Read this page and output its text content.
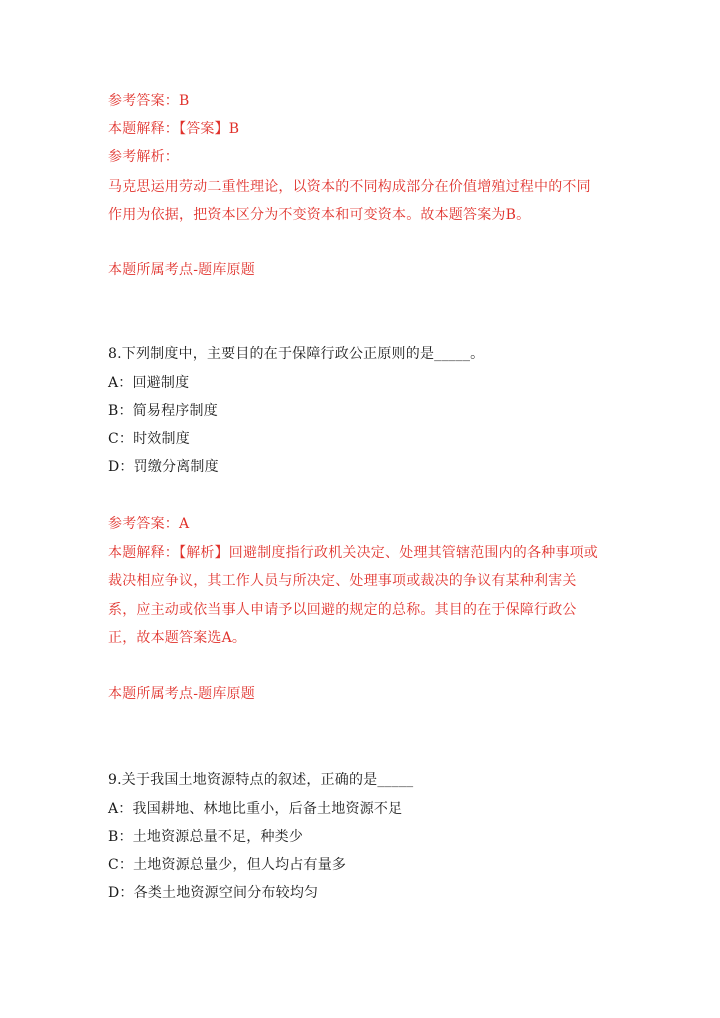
参考答案：B
本题解释：【答案】B
参考解析：
马克思运用劳动二重性理论，以资本的不同构成部分在价值增殖过程中的不同
作用为依据，把资本区分为不变资本和可变资本。故本题答案为B。
本题所属考点-题库原题
8.下列制度中，主要目的在于保障行政公正原则的是_____。
A：回避制度
B：简易程序制度
C：时效制度
D：罚缴分离制度
参考答案：A
本题解释：【解析】回避制度指行政机关决定、处理其管辖范围内的各种事项或
裁决相应争议，其工作人员与所决定、处理事项或裁决的争议有某种利害关
系，应主动或依当事人申请予以回避的规定的总称。其目的在于保障行政公
正，故本题答案选A。
本题所属考点-题库原题
9.关于我国土地资源特点的叙述，正确的是_____
A：我国耕地、林地比重小，后备土地资源不足
B：土地资源总量不足，种类少
C：土地资源总量少，但人均占有量多
D：各类土地资源空间分布较均匀
